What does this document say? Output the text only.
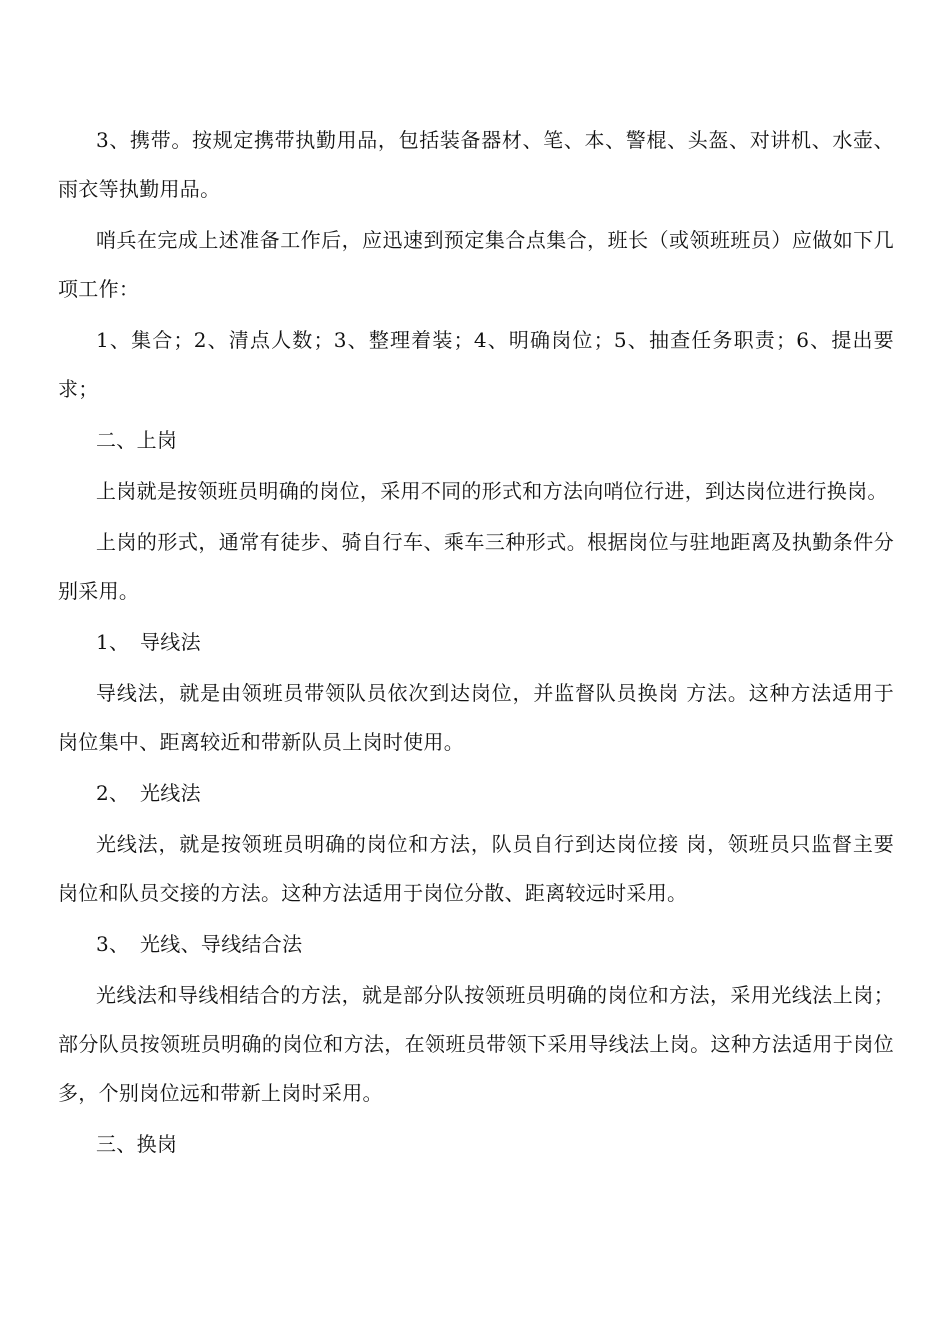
3、携带。按规定携带执勤用品，包括装备器材、笔、本、警棍、头盔、对讲机、水壶、雨衣等执勤用品。

哨兵在完成上述准备工作后，应迅速到预定集合点集合，班长（或领班班员）应做如下几项工作：

1、集合；2、清点人数；3、整理着装；4、明确岗位；5、抽查任务职责；6、提出要求；

二、上岗

上岗就是按领班员明确的岗位，采用不同的形式和方法向哨位行进，到达岗位进行换岗。

上岗的形式，通常有徒步、骑自行车、乘车三种形式。根据岗位与驻地距离及执勤条件分别采用。

1、 导线法

导线法，就是由领班员带领队员依次到达岗位，并监督队员换岗 方法。这种方法适用于岗位集中、距离较近和带新队员上岗时使用。

2、 光线法

光线法，就是按领班员明确的岗位和方法，队员自行到达岗位接 岗，领班员只监督主要岗位和队员交接的方法。这种方法适用于岗位分散、距离较远时采用。

3、 光线、导线结合法

光线法和导线相结合的方法，就是部分队按领班员明确的岗位和方法，采用光线法上岗；部分队员按领班员明确的岗位和方法，在领班员带领下采用导线法上岗。这种方法适用于岗位多，个别岗位远和带新上岗时采用。

三、换岗
